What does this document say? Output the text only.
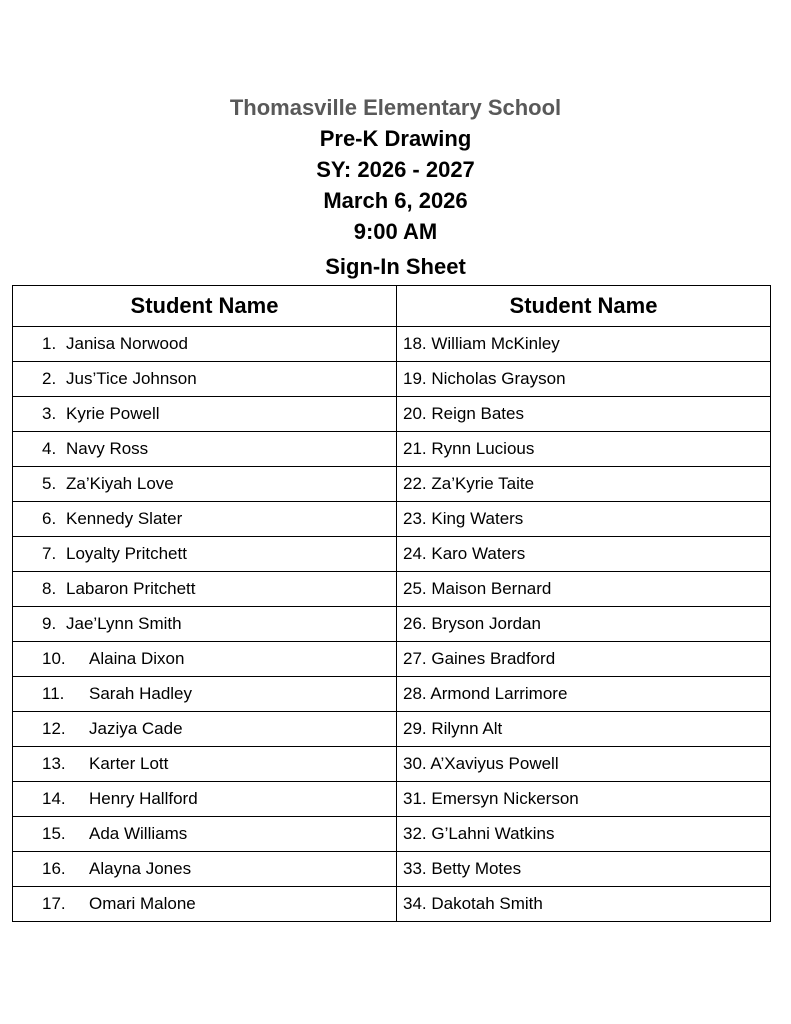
Thomasville Elementary School
Pre-K Drawing
SY: 2026 - 2027
March 6, 2026
9:00 AM
Sign-In Sheet
Student Name	Student Name
1. Janisa Norwood	18. William McKinley
2. Jus’Tice Johnson	19. Nicholas Grayson
3. Kyrie Powell	20. Reign Bates
4. Navy Ross	21. Rynn Lucious
5. Za’Kiyah Love	22. Za’Kyrie Taite
6. Kennedy Slater	23. King Waters
7. Loyalty Pritchett	24. Karo Waters
8. Labaron Pritchett	25. Maison Bernard
9. Jae’Lynn Smith	26. Bryson Jordan
10. Alaina Dixon	27. Gaines Bradford
11. Sarah Hadley	28. Armond Larrimore
12. Jaziya Cade	29. Rilynn Alt
13. Karter Lott	30. A’Xaviyus Powell
14. Henry Hallford	31. Emersyn Nickerson
15. Ada Williams	32. G’Lahni Watkins
16. Alayna Jones	33. Betty Motes
17. Omari Malone	34. Dakotah Smith
